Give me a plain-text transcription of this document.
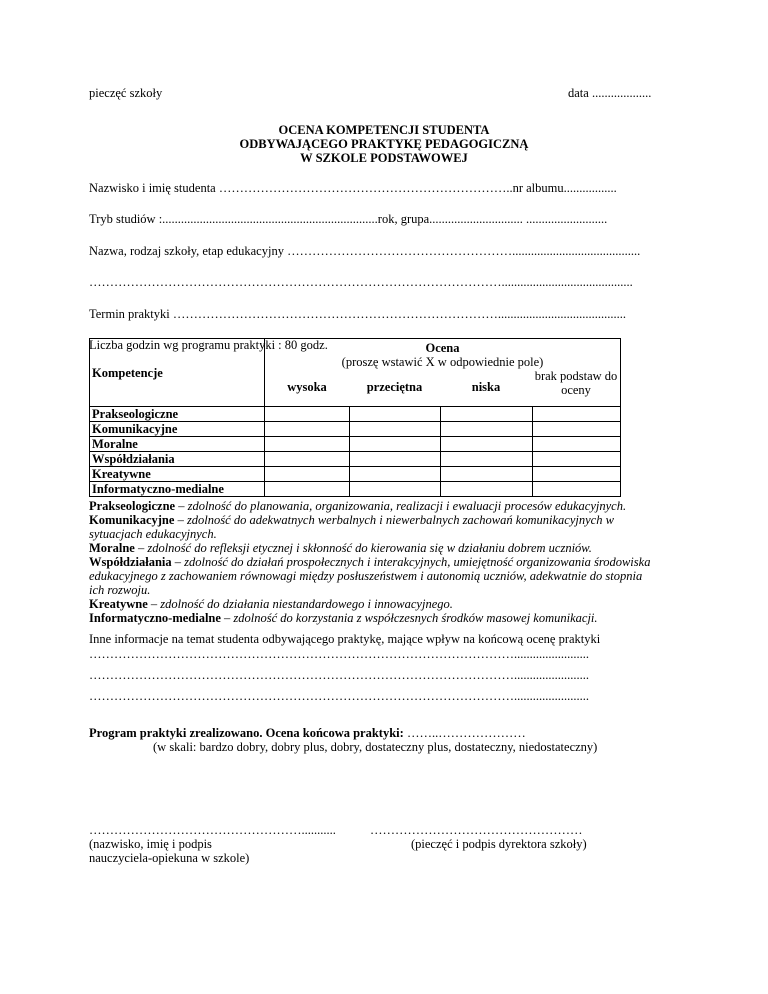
pieczęć szkoły	data ...................
OCENA KOMPETENCJI STUDENTA
ODBYWAJĄCEGO PRAKTYKĘ PEDAGOGICZNĄ
W SZKOLE PODSTAWOWEJ
Nazwisko i imię studenta ……………………………………………………………..nr albumu.................
Tryb studiów :.....................................................................rok, grupa.............................. ..........................
Nazwa, rodzaj szkoły, etap edukacyjny ……………………………………………….........................................
………………………………………………………………………………………..........................................
Termin praktyki …………………………………………………………………….........................................
Liczba godzin wg programu praktyki : 80 godz.
Kompetencje	Ocena
(proszę wstawić X w odpowiednie pole)			

	wysoka	przeciętna	niska	brak podstaw do oceny
Prakseologiczne				
Komunikacyjne				
Moralne				
Współdziałania				
Kreatywne				
Informatyczno-medialne				
Prakseologiczne – zdolność do planowania, organizowania, realizacji i ewaluacji procesów edukacyjnych.
Komunikacyjne – zdolność do adekwatnych werbalnych i niewerbalnych zachowań komunikacyjnych w sytuacjach edukacyjnych.
Moralne – zdolność do refleksji etycznej i skłonność do kierowania się w działaniu dobrem uczniów.
Współdziałania – zdolność do działań prospołecznych i interakcyjnych, umiejętność organizowania środowiska edukacyjnego z zachowaniem równowagi między posłuszeństwem i autonomią uczniów, adekwatnie do stopnia ich rozwoju.
Kreatywne – zdolność do działania niestandardowego i innowacyjnego.
Informatyczno-medialne – zdolność do korzystania z współczesnych środków masowej komunikacji.
Inne informacje na temat studenta odbywającego praktykę, mające wpływ na końcową ocenę praktyki
…………………………………………………………………………………………........................
…………………………………………………………………………………………........................
…………………………………………………………………………………………........................
Program praktyki zrealizowano. Ocena końcowa praktyki: ……..…………………
(w skali: bardzo dobry, dobry plus, dobry, dostateczny plus, dostateczny, niedostateczny)
……………………………………………...........
(nazwisko, imię i podpis
nauczyciela-opiekuna w szkole)
……………………………………………
(pieczęć i podpis dyrektora szkoły)
